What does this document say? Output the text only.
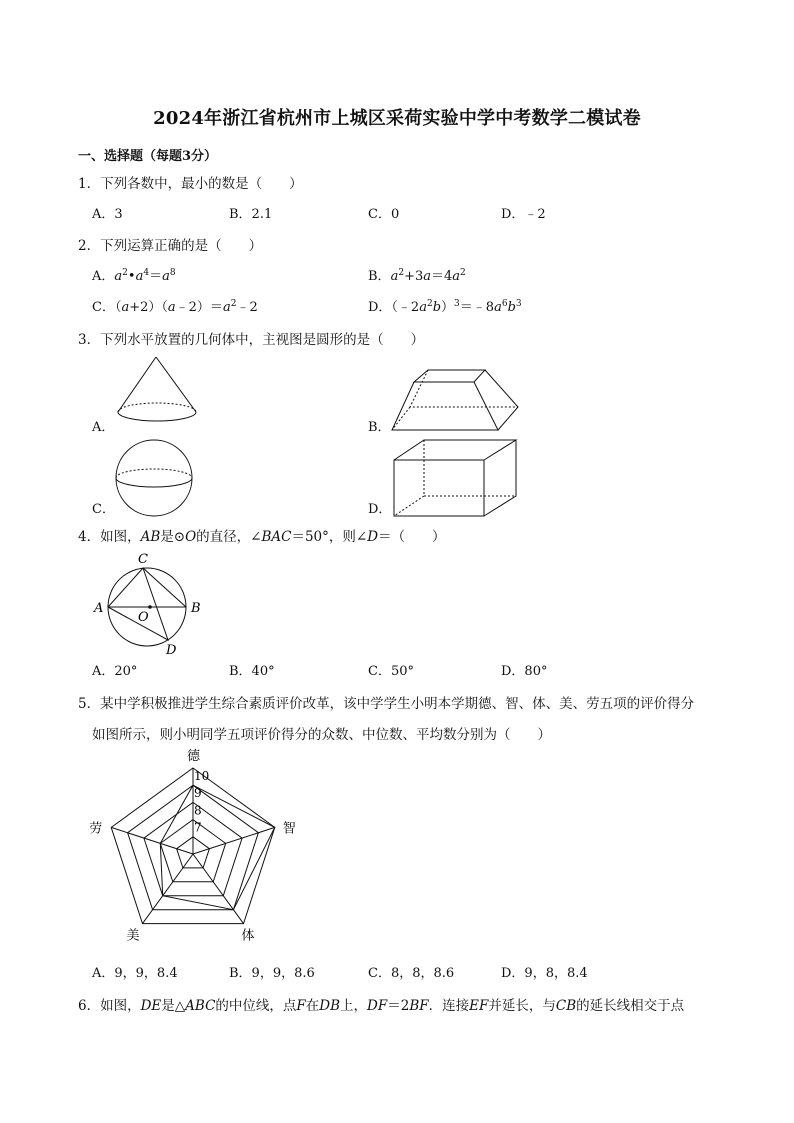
2024年浙江省杭州市上城区采荷实验中学中考数学二模试卷
一、选择题（每题3分）
1．下列各数中，最小的数是（　　）
A．3	B．2.1	C．0	D．﹣2
2．下列运算正确的是（　　）
A．$a^2•a^4=a^8$	B．$a^2+3a=4a^2$
C．$(a+2)(a﹣2)=a^2﹣2$	D．$(﹣2a^2b)^3=﹣8a^6b^3$
3．下列水平放置的几何体中，主视图是圆形的是（　　）
A．	B．
C．	D．
4．如图，AB是⊙O的直径，∠BAC＝50°，则∠D＝（　　）
C
A	B
O
D
A．20°	B．40°	C．50°	D．80°
5．某中学积极推进学生综合素质评价改革，该中学学生小明本学期德、智、体、美、劳五项的评价得分
如图所示，则小明同学五项评价得分的众数、中位数、平均数分别为（　　）
德
智
体
美
劳
10
9
8
7
A．9，9，8.4	B．9，9，8.6	C．8，8，8.6	D．9，8，8.4
6．如图，DE是△ABC的中位线，点F在DB上，DF＝2BF．连接EF并延长，与CB的延长线相交于点
